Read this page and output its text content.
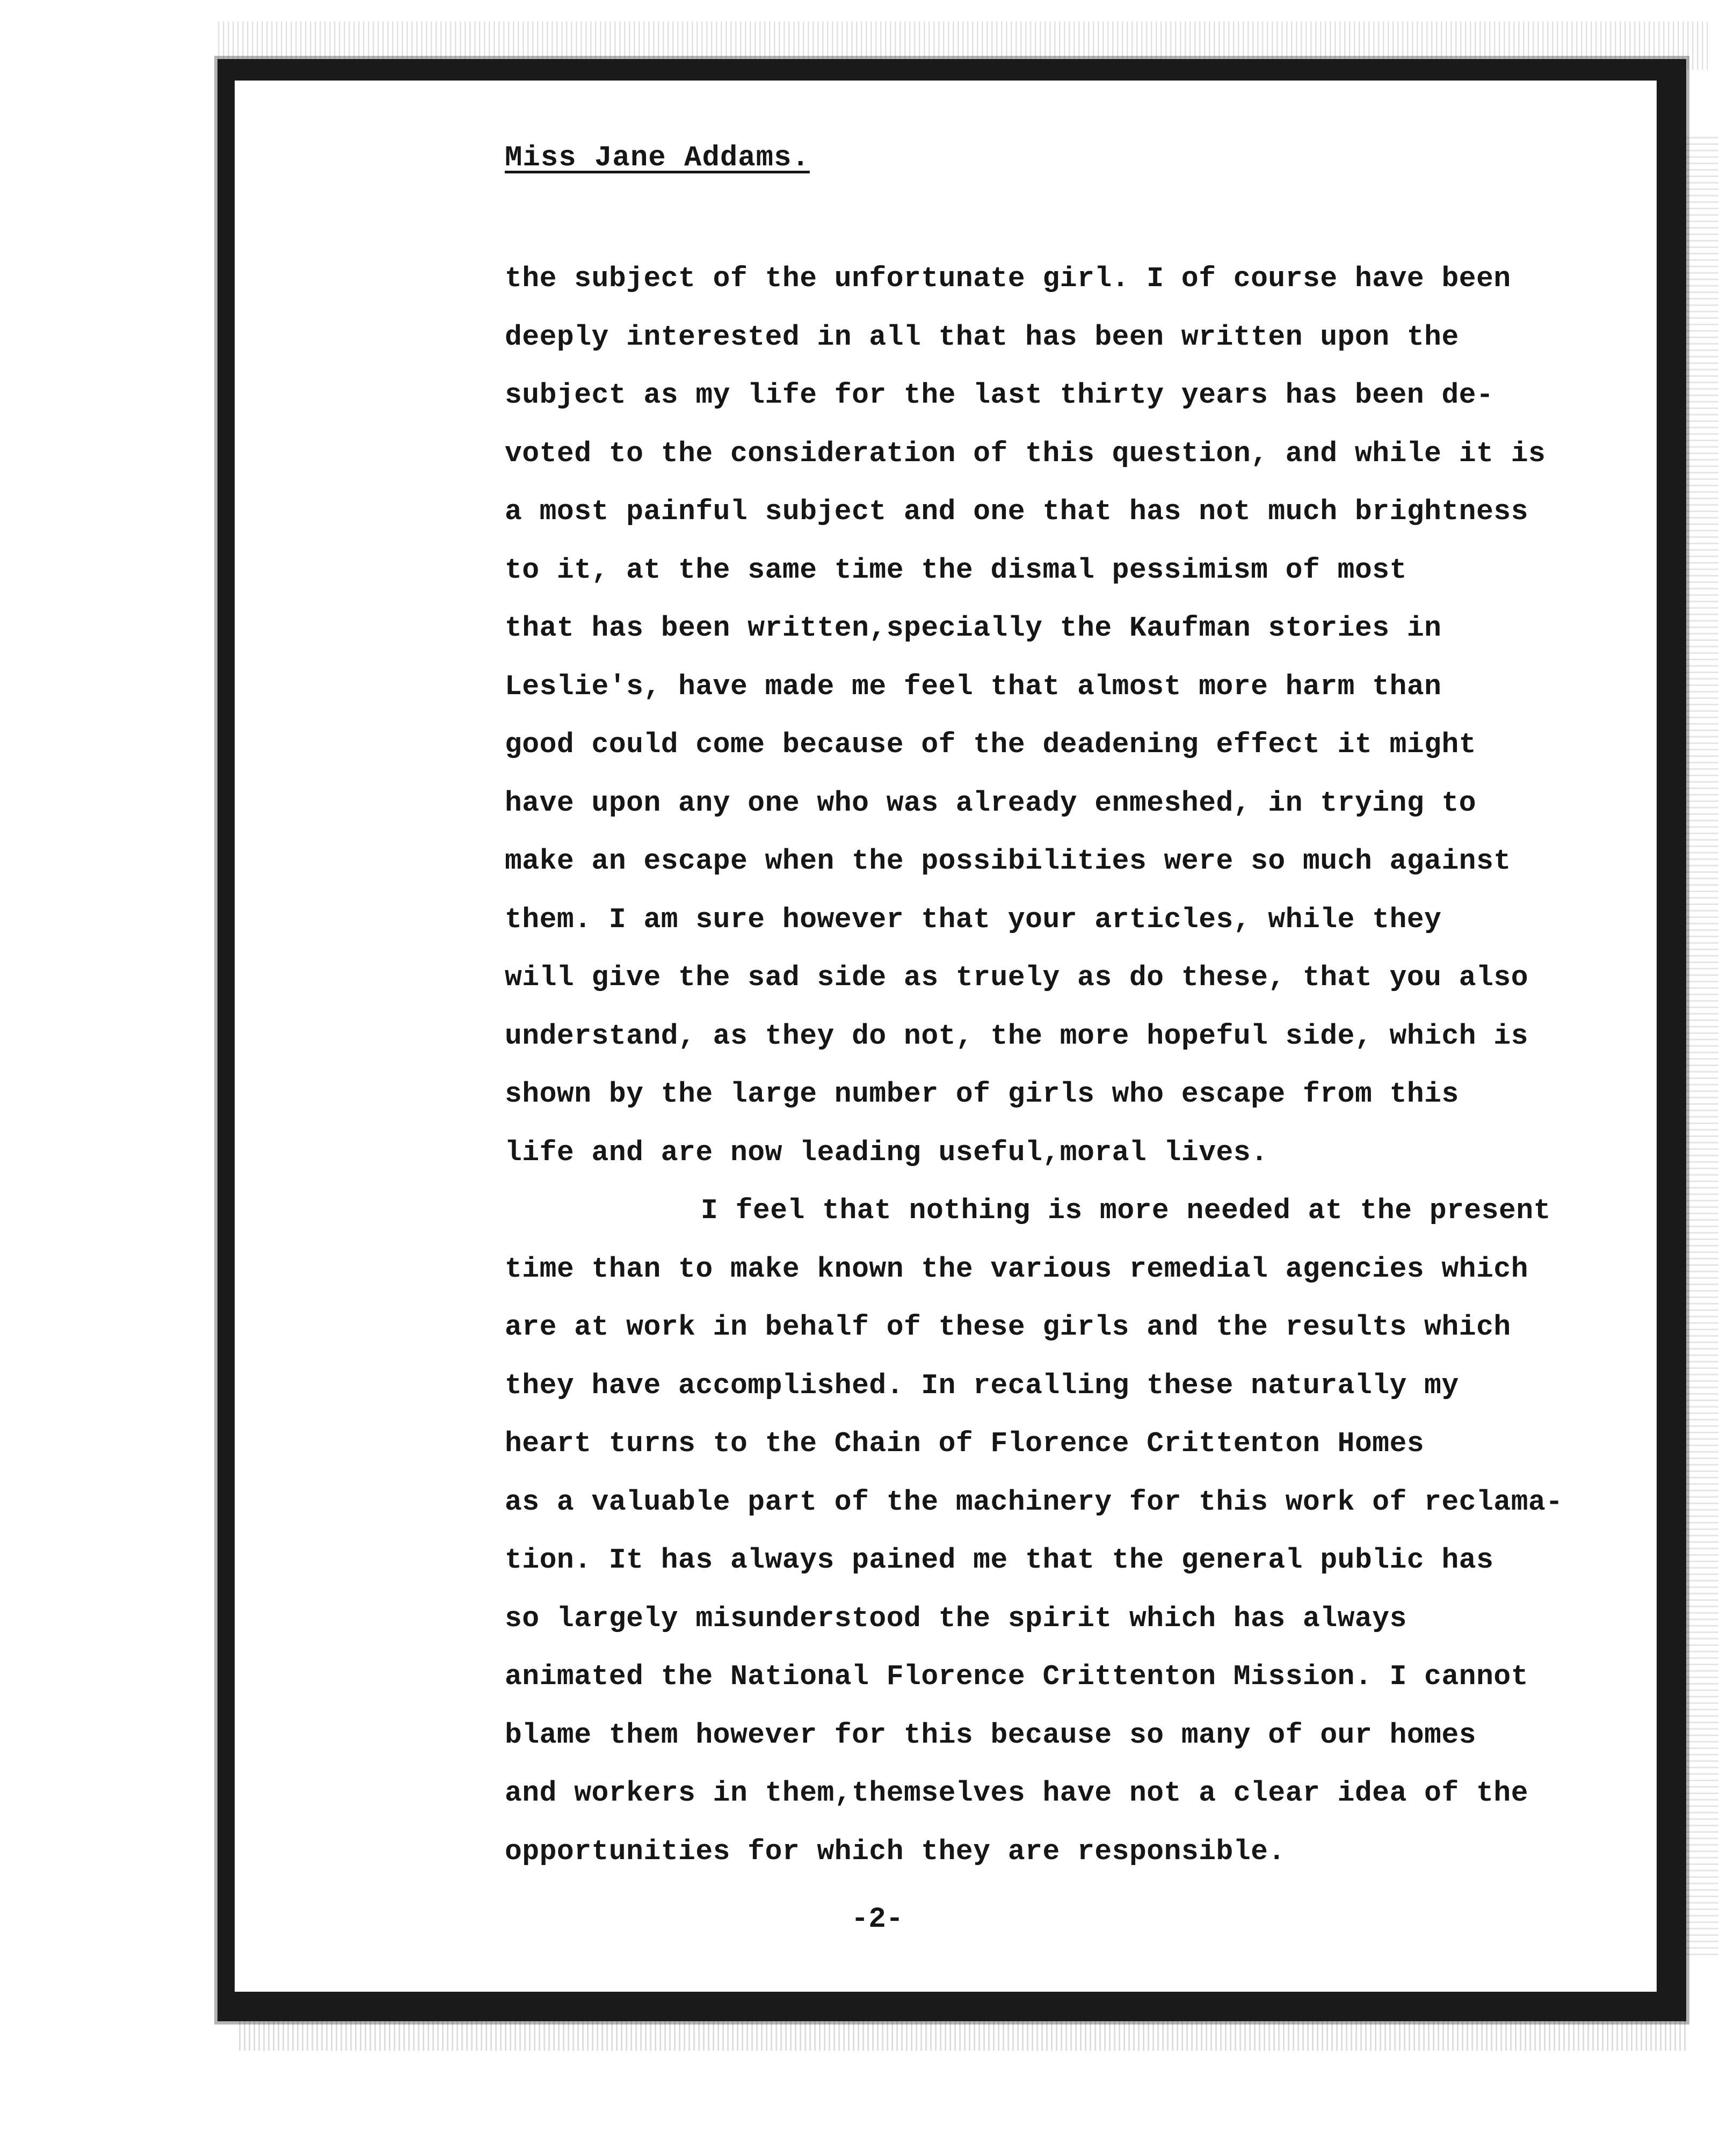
Miss Jane Addams.
the subject of the unfortunate girl. I of course have been
deeply interested in all that has been written upon the
subject as my life for the last thirty years has been de-
voted to the consideration of this question, and while it is
a most painful subject and one that has not much brightness
to it, at the same time the dismal pessimism of most
that has been written,specially the Kaufman stories in
Leslie's, have made me feel that almost more harm than
good could come because of the deadening effect it might
have upon any one who was already enmeshed, in trying to
make an escape when the possibilities were so much against
them. I am sure however that your articles, while they
will give the sad side as truely as do these, that you also
understand, as they do not, the more hopeful side, which is
shown by the large number of girls who escape from this
life and are now leading useful,moral lives.
I feel that nothing is more needed at the present
time than to make known the various remedial agencies which
are at work in behalf of these girls and the results which
they have accomplished. In recalling these naturally my
heart turns to the Chain of Florence Crittenton Homes
as a valuable part of the machinery for this work of reclama-
tion. It has always pained me that the general public has
so largely misunderstood the spirit which has always
animated the National Florence Crittenton Mission. I cannot
blame them however for this because so many of our homes
and workers in them,themselves have not a clear idea of the
opportunities for which they are responsible.
-2-
